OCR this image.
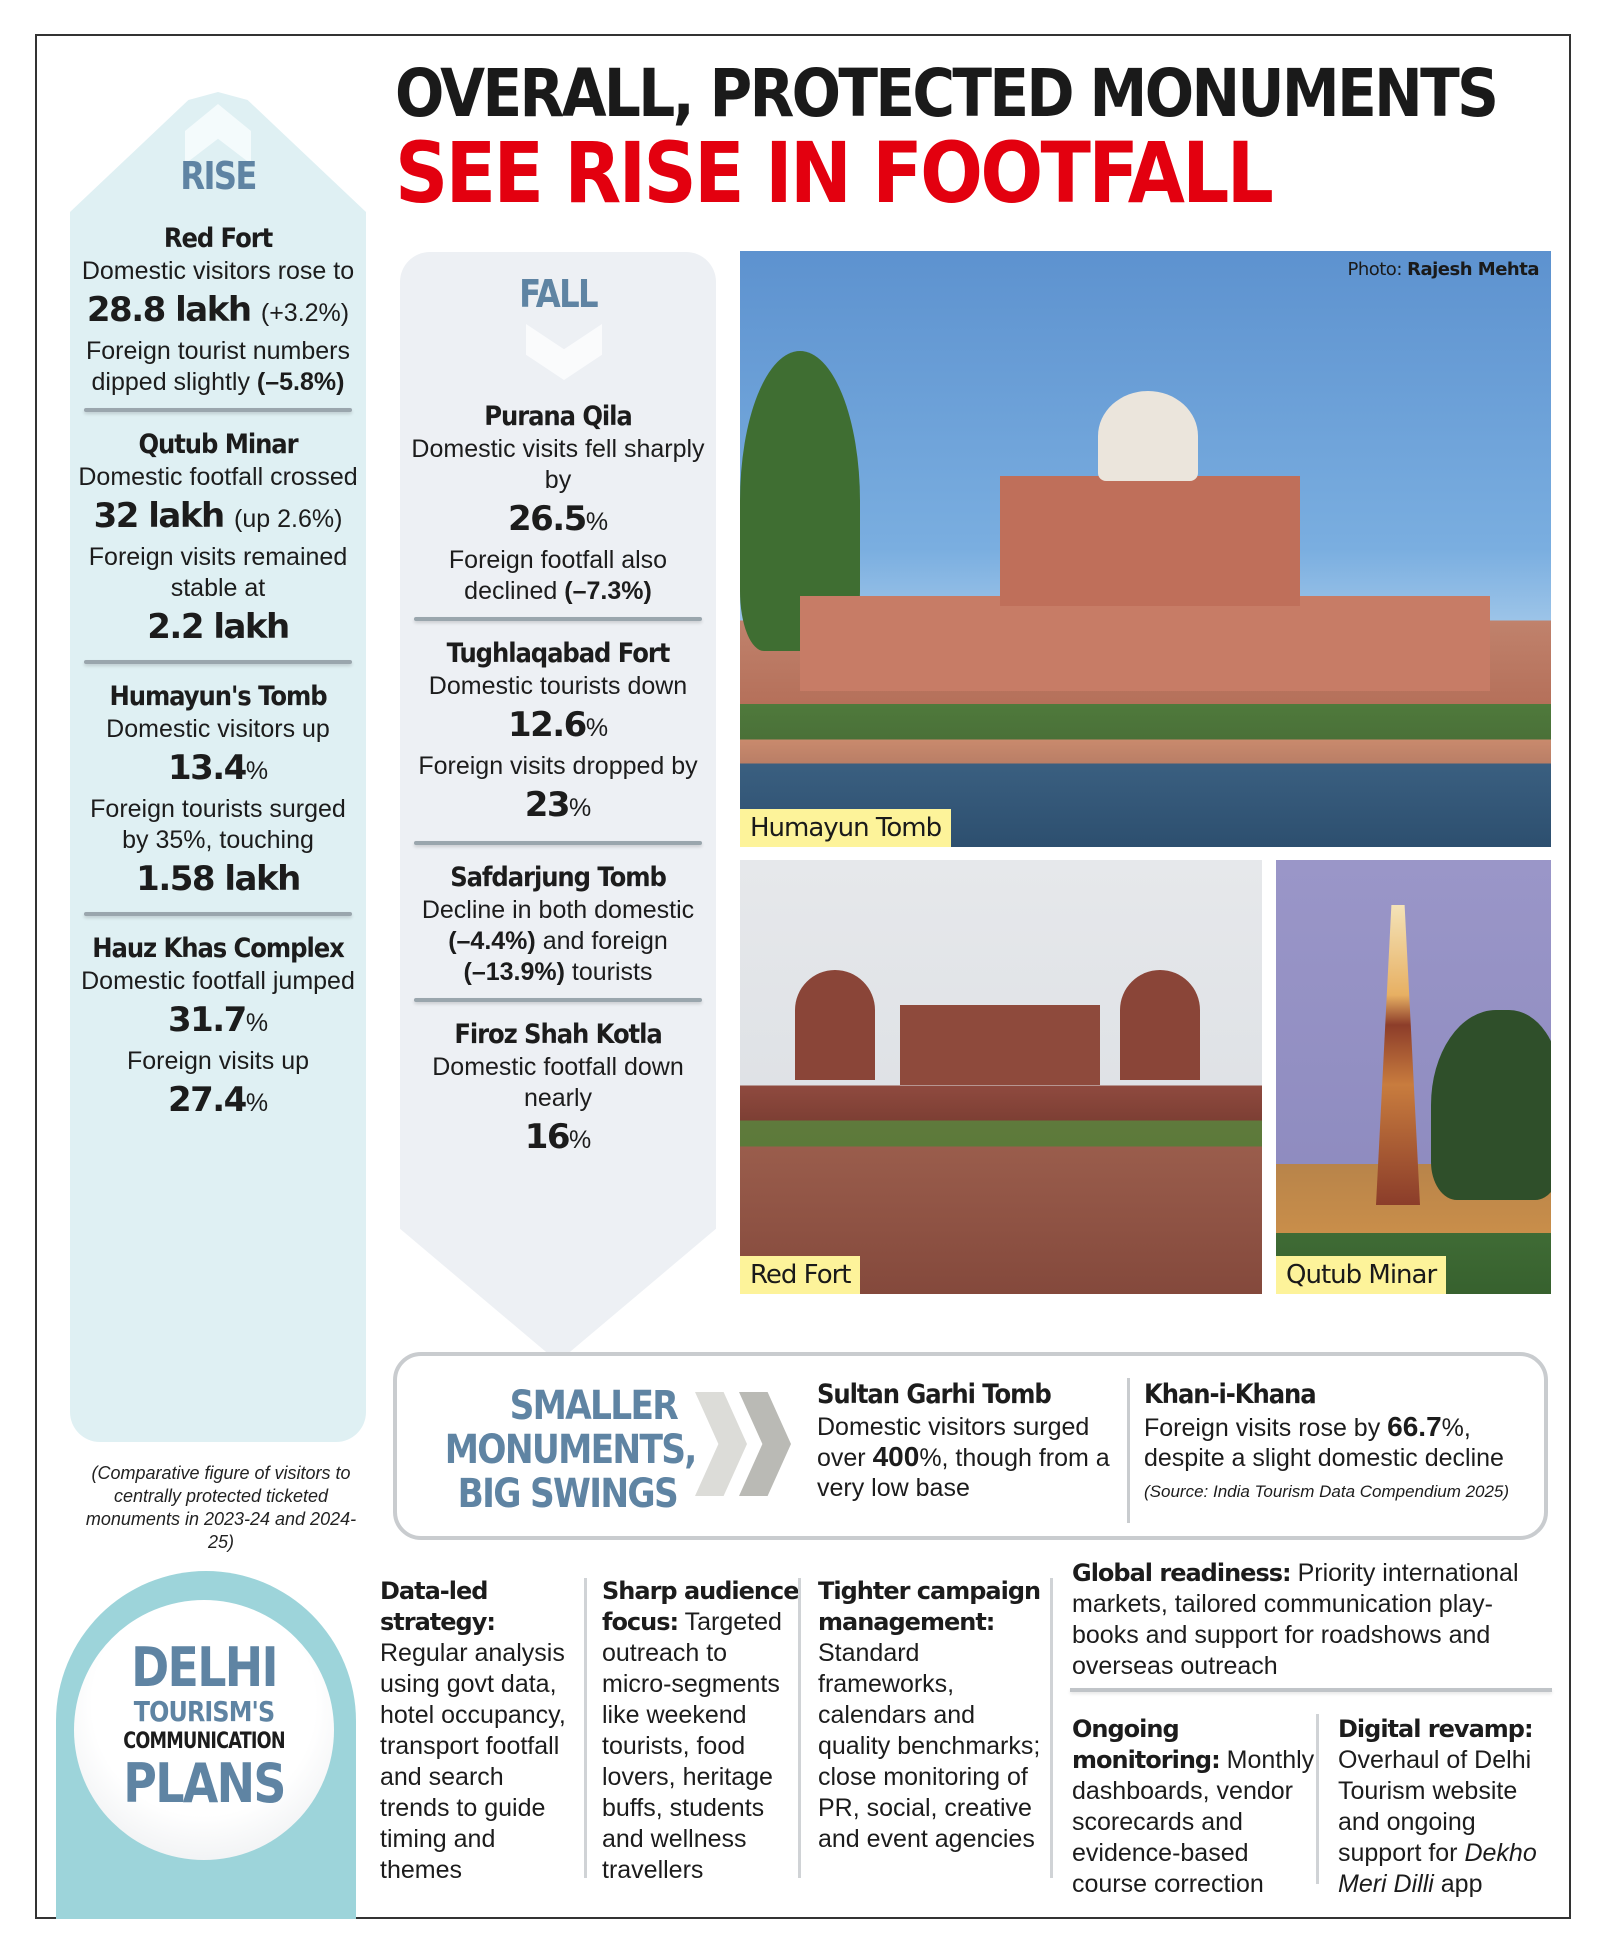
OVERALL, PROTECTED MONUMENTS
SEE RISE IN FOOTFALL
RISE
Red Fort

Domestic visitors rose to

28.8 lakh (+3.2%)

Foreign tourist numbers dipped slightly (–5.8%)

Qutub Minar

Domestic footfall crossed

32 lakh (up 2.6%)

Foreign visits remained stable at

2.2 lakh
Humayun's Tomb

Domestic visitors up

13.4%

Foreign tourists surged by 35%, touching

1.58 lakh
Hauz Khas Complex

Domestic footfall jumped

31.7%

Foreign visits up

27.4%
(Comparative figure of visitors to centrally protected ticketed monuments in 2023-24 and 2024-25)
FALL
Purana Qila

Domestic visits fell sharply by

26.5%

Foreign footfall also declined (–7.3%)

Tughlaqabad Fort

Domestic tourists down

12.6%

Foreign visits dropped by

23%
Safdarjung Tomb

Decline in both domestic
(–4.4%) and foreign
(–13.9%) tourists

Firoz Shah Kotla

Domestic footfall down nearly

16%
Photo: Rajesh Mehta
Humayun Tomb
Red Fort	Qutub Minar
SMALLER
MONUMENTS,
BIG SWINGS
Sultan Garhi Tomb

Domestic visitors surged over 400%, though from a very low base

Khan-i-Khana

Foreign visits rose by 66.7%, despite a slight domestic decline

(Source: India Tourism Data Compendium 2025)

DELHI
TOURISM'S
COMMUNICATION
PLANS
Data-led strategy:
Regular analysis using govt data, hotel occupancy, transport footfall and search trends to guide timing and themes
Sharp audience focus: Targeted outreach to micro-segments like weekend tourists, food lovers, heritage buffs, students and wellness travellers
Tighter campaign management:
Standard frameworks, calendars and quality benchmarks; close monitoring of PR, social, creative and event agencies
Global readiness: Priority international markets, tailored communication play-books and support for roadshows and overseas outreach
Ongoing monitoring: Monthly dashboards, vendor scorecards and evidence-based course correction
Digital revamp:
Overhaul of Delhi Tourism website and ongoing support for Dekho Meri Dilli app
